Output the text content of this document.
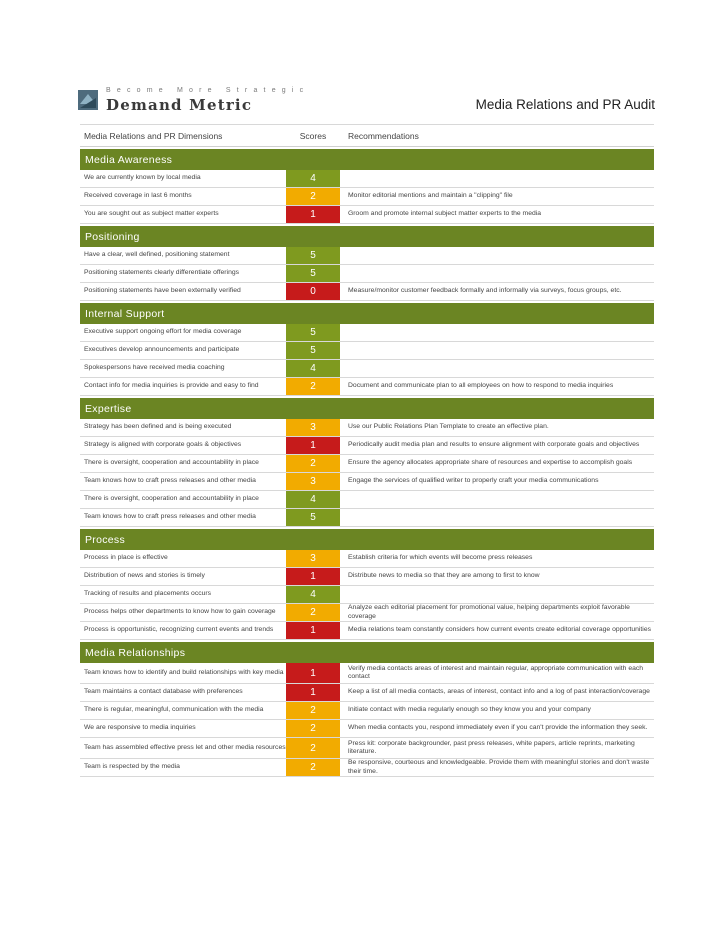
Become More Strategic
Demand Metric	Media Relations and PR Audit
Media Relations and PR Dimensions	Scores	Recommendations
Media Awareness
We are currently known by local media	4
Received coverage in last 6 months	2	Monitor editorial mentions and maintain a "clipping" file
You are sought out as subject matter experts	1	Groom and promote internal subject matter experts to the media
Positioning
Have a clear, well defined, positioning statement	5
Positioning statements clearly differentiate offerings	5
Positioning statements have been externally verified	0	Measure/monitor customer feedback formally and informally via surveys, focus groups, etc.
Internal Support
Executive support ongoing effort for media coverage	5
Executives develop announcements and participate	5
Spokespersons have received media coaching	4
Contact info for media inquiries is provide and easy to find	2	Document and communicate plan to all employees on how to respond to media inquiries
Expertise
Strategy has been defined and is being executed	3	Use our Public Relations Plan Template to create an effective plan.
Strategy is aligned with corporate goals & objectives	1	Periodically audit media plan and results to ensure alignment with corporate goals and objectives
There is oversight, cooperation and accountability in place	2	Ensure the agency allocates appropriate share of resources and expertise to accomplish goals
Team knows how to craft press releases and other media	3	Engage the services of qualified writer to properly craft your media communications
There is oversight, cooperation and accountability in place	4
Team knows how to craft press releases and other media	5
Process
Process in place is effective	3	Establish criteria for which events will become press releases
Distribution of news and stories is timely	1	Distribute news to media so that they are among to first to know
Tracking of results and placements occurs	4
Process helps other departments to know how to gain coverage	2	Analyze each editorial placement for promotional value, helping departments exploit favorable coverage
Process is opportunistic, recognizing current events and trends	1	Media relations team constantly considers how current events create editorial coverage opportunities
Media Relationships
Team knows how to identify and build relationships with key media	1	Verify media contacts areas of interest and maintain regular, appropriate communication with each contact
Team maintains a contact database with preferences	1	Keep a list of all media contacts, areas of interest, contact info and a log of past interaction/coverage
There is regular, meaningful, communication with the media	2	Initiate contact with media regularly enough so they know you and your company
We are responsive to media inquiries	2	When media contacts you, respond immediately even if you can't provide the information they seek.
Team has assembled effective press let and other media resources	2	Press kit: corporate backgrounder, past press releases, white papers, article reprints, marketing literature.
Team is respected by the media	2	Be responsive, courteous and knowledgeable. Provide them with meaningful stories and don't waste their time.
